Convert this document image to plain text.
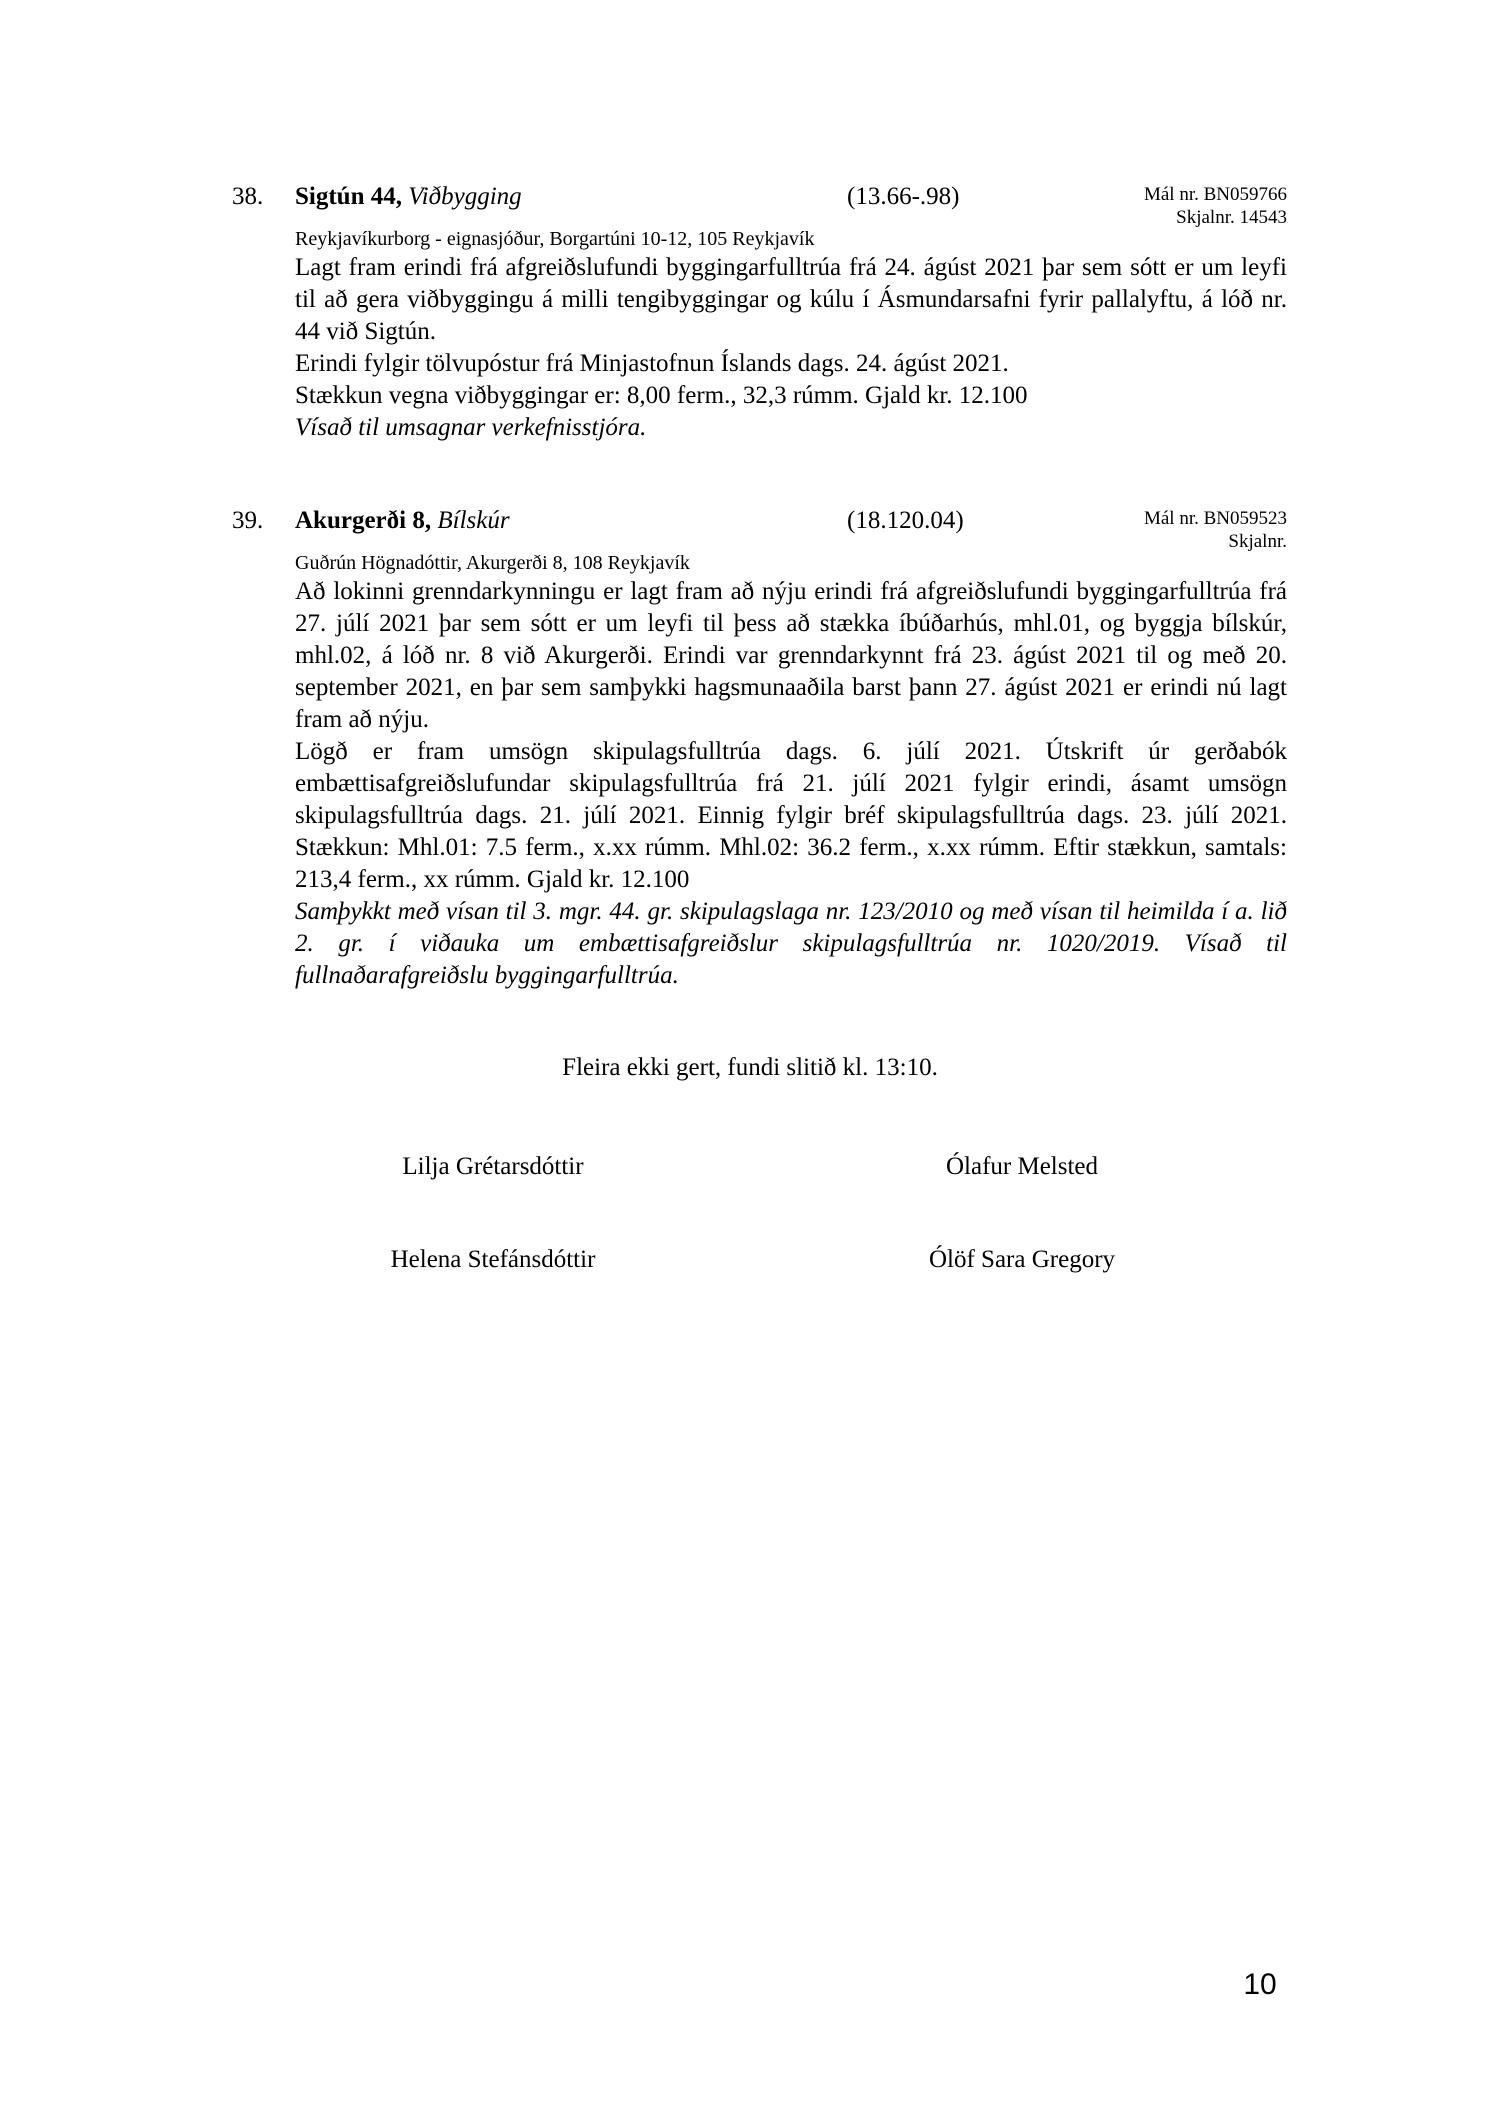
38. Sigtún 44, Viðbygging	(13.66-.98)	Mál nr. BN059766
Skjalnr. 14543
Reykjavíkurborg - eignasjóður, Borgartúni 10-12, 105 Reykjavík

Lagt fram erindi frá afgreiðslufundi byggingarfulltrúa frá 24. ágúst 2021 þar sem sótt er um leyfi til að gera viðbyggingu á milli tengibyggingar og kúlu í Ásmundarsafni fyrir pallalyftu, á lóð nr. 44 við Sigtún.

Erindi fylgir tölvupóstur frá Minjastofnun Íslands dags. 24. ágúst 2021.

Stækkun vegna viðbyggingar er: 8,00 ferm., 32,3 rúmm. Gjald kr. 12.100

Vísað til umsagnar verkefnisstjóra.

39. Akurgerði 8, Bílskúr	(18.120.04)	Mál nr. BN059523
Skjalnr.
Guðrún Högnadóttir, Akurgerði 8, 108 Reykjavík

Að lokinni grenndarkynningu er lagt fram að nýju erindi frá afgreiðslufundi byggingarfulltrúa frá 27. júlí 2021 þar sem sótt er um leyfi til þess að stækka íbúðarhús, mhl.01, og byggja bílskúr, mhl.02, á lóð nr. 8 við Akurgerði. Erindi var grenndarkynnt frá 23. ágúst 2021 til og með 20. september 2021, en þar sem samþykki hagsmunaaðila barst þann 27. ágúst 2021 er erindi nú lagt fram að nýju.

Lögð er fram umsögn skipulagsfulltrúa dags. 6. júlí 2021. Útskrift úr gerðabók embættisafgreiðslufundar skipulagsfulltrúa frá 21. júlí 2021 fylgir erindi, ásamt umsögn skipulagsfulltrúa dags. 21. júlí 2021. Einnig fylgir bréf skipulagsfulltrúa dags. 23. júlí 2021. Stækkun: Mhl.01: 7.5 ferm., x.xx rúmm. Mhl.02: 36.2 ferm., x.xx rúmm. Eftir stækkun, samtals: 213,4 ferm., xx rúmm. Gjald kr. 12.100

Samþykkt með vísan til 3. mgr. 44. gr. skipulagslaga nr. 123/2010 og með vísan til heimilda í a. lið 2. gr. í viðauka um embættisafgreiðslur skipulagsfulltrúa nr. 1020/2019. Vísað til fullnaðarafgreiðslu byggingarfulltrúa.

Fleira ekki gert, fundi slitið kl. 13:10.
Lilja Grétarsdóttir	Ólafur Melsted
Helena Stefánsdóttir	Ólöf Sara Gregory
10
